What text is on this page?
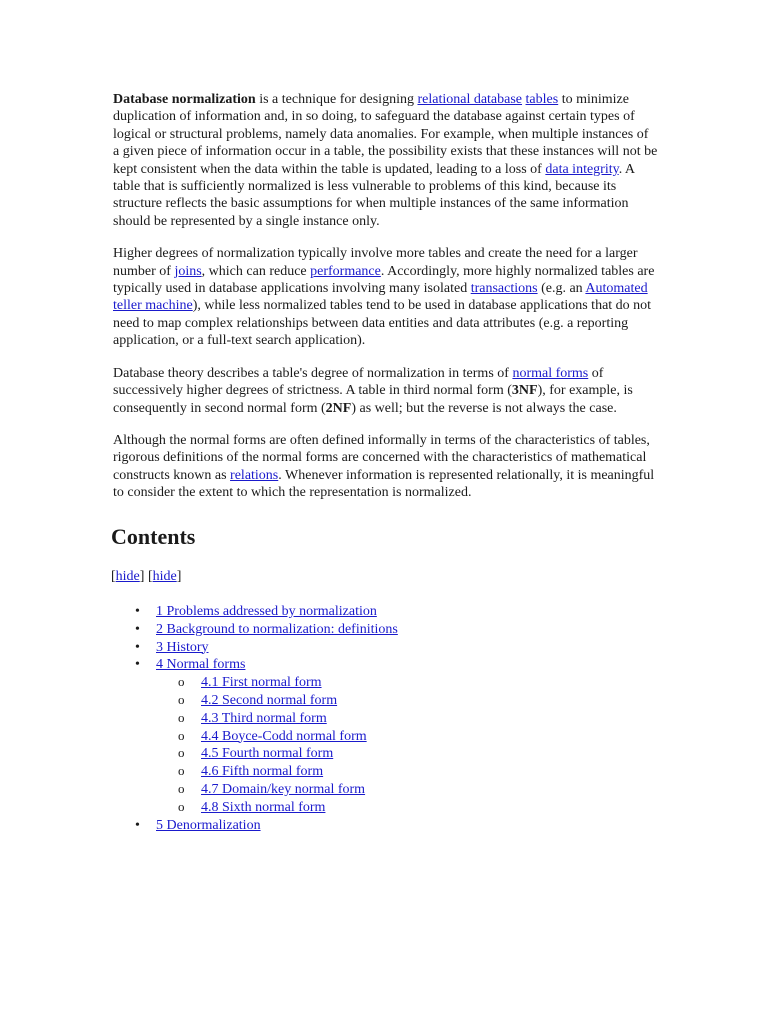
Database normalization is a technique for designing relational database tables to minimize duplication of information and, in so doing, to safeguard the database against certain types of logical or structural problems, namely data anomalies. For example, when multiple instances of a given piece of information occur in a table, the possibility exists that these instances will not be kept consistent when the data within the table is updated, leading to a loss of data integrity. A table that is sufficiently normalized is less vulnerable to problems of this kind, because its structure reflects the basic assumptions for when multiple instances of the same information should be represented by a single instance only.

Higher degrees of normalization typically involve more tables and create the need for a larger number of joins, which can reduce performance. Accordingly, more highly normalized tables are typically used in database applications involving many isolated transactions (e.g. an Automated teller machine), while less normalized tables tend to be used in database applications that do not need to map complex relationships between data entities and data attributes (e.g. a reporting application, or a full-text search application).

Database theory describes a table's degree of normalization in terms of normal forms of successively higher degrees of strictness. A table in third normal form (3NF), for example, is consequently in second normal form (2NF) as well; but the reverse is not always the case.

Although the normal forms are often defined informally in terms of the characteristics of tables, rigorous definitions of the normal forms are concerned with the characteristics of mathematical constructs known as relations. Whenever information is represented relationally, it is meaningful to consider the extent to which the representation is normalized.

Contents
[hide] [hide]
• 1 Problems addressed by normalization
• 2 Background to normalization: definitions
• 3 History
• 4 Normal forms
o 4.1 First normal form
o 4.2 Second normal form
o 4.3 Third normal form
o 4.4 Boyce-Codd normal form
o 4.5 Fourth normal form
o 4.6 Fifth normal form
o 4.7 Domain/key normal form
o 4.8 Sixth normal form
• 5 Denormalization
